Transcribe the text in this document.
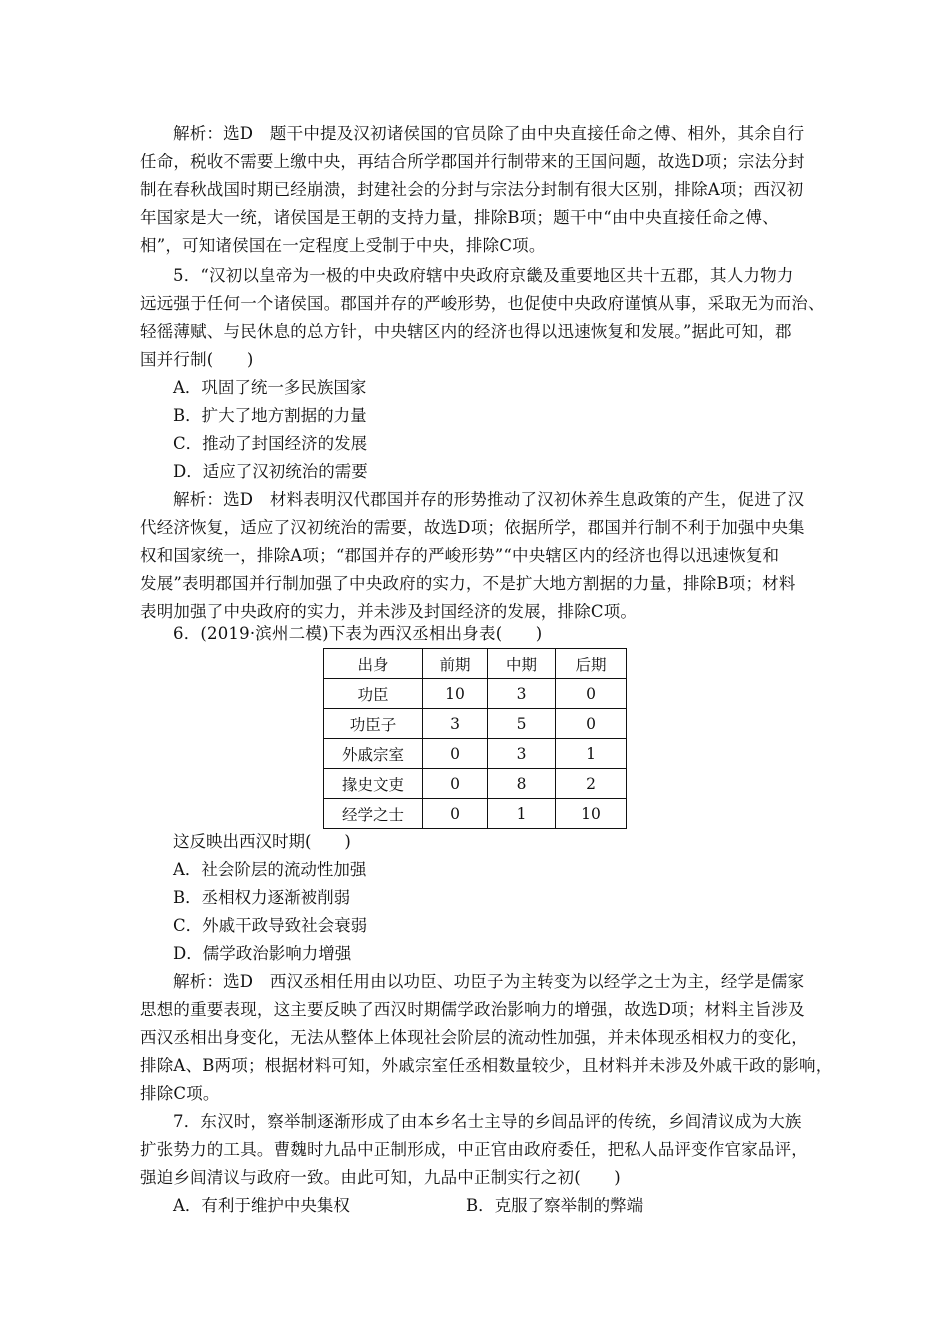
解析：选D　题干中提及汉初诸侯国的官员除了由中央直接任命之傅、相外，其余自行

任命，税收不需要上缴中央，再结合所学郡国并行制带来的王国问题，故选D项；宗法分封

制在春秋战国时期已经崩溃，封建社会的分封与宗法分封制有很大区别，排除A项；西汉初

年国家是大一统，诸侯国是王朝的支持力量，排除B项；题干中“由中央直接任命之傅、

相”，可知诸侯国在一定程度上受制于中央，排除C项。

5．“汉初以皇帝为一极的中央政府辖中央政府京畿及重要地区共十五郡，其人力物力

远远强于任何一个诸侯国。郡国并存的严峻形势，也促使中央政府谨慎从事，采取无为而治、

轻徭薄赋、与民休息的总方针，中央辖区内的经济也得以迅速恢复和发展。”据此可知，郡

国并行制(　　)

A．巩固了统一多民族国家

B．扩大了地方割据的力量

C．推动了封国经济的发展

D．适应了汉初统治的需要

解析：选D　材料表明汉代郡国并存的形势推动了汉初休养生息政策的产生，促进了汉

代经济恢复，适应了汉初统治的需要，故选D项；依据所学，郡国并行制不利于加强中央集

权和国家统一，排除A项；“郡国并存的严峻形势”“中央辖区内的经济也得以迅速恢复和

发展”表明郡国并行制加强了中央政府的实力，不是扩大地方割据的力量，排除B项；材料

表明加强了中央政府的实力，并未涉及封国经济的发展，排除C项。

6．(2019·滨州二模)下表为西汉丞相出身表(　　)

出身	前期	中期	后期
功臣	10	3	0
功臣子	3	5	0
外戚宗室	0	3	1
掾史文吏	0	8	2
经学之士	0	1	10

这反映出西汉时期(　　)

A．社会阶层的流动性加强

B．丞相权力逐渐被削弱

C．外戚干政导致社会衰弱

D．儒学政治影响力增强

解析：选D　西汉丞相任用由以功臣、功臣子为主转变为以经学之士为主，经学是儒家

思想的重要表现，这主要反映了西汉时期儒学政治影响力的增强，故选D项；材料主旨涉及

西汉丞相出身变化，无法从整体上体现社会阶层的流动性加强，并未体现丞相权力的变化，

排除A、B两项；根据材料可知，外戚宗室任丞相数量较少，且材料并未涉及外戚干政的影响，

排除C项。

7．东汉时，察举制逐渐形成了由本乡名士主导的乡闾品评的传统，乡闾清议成为大族

扩张势力的工具。曹魏时九品中正制形成，中正官由政府委任，把私人品评变作官家品评，

强迫乡闾清议与政府一致。由此可知，九品中正制实行之初(　　)

A．有利于维护中央集权	B．克服了察举制的弊端
